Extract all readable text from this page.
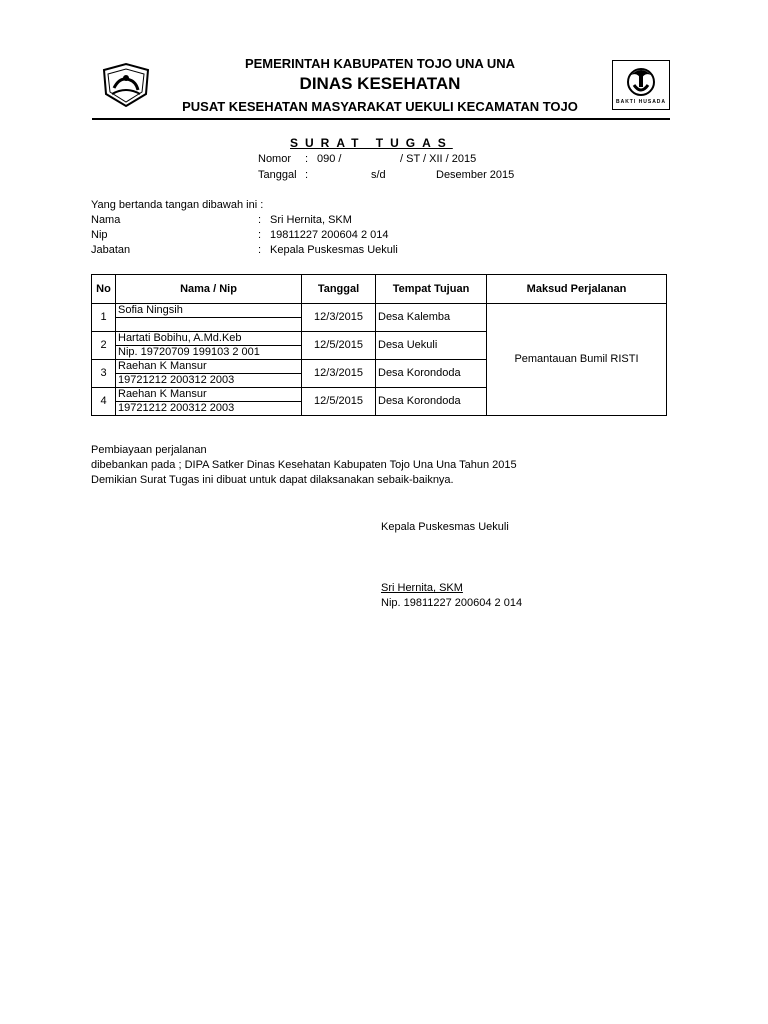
BAKTI HUSADA
PEMERINTAH KABUPATEN TOJO UNA UNA
DINAS KESEHATAN
PUSAT KESEHATAN MASYARAKAT UEKULI KECAMATAN TOJO
SURAT TUGAS
Nomor : 090 /	/ ST / XII / 2015
Tanggal :	s/d	Desember 2015
Yang bertanda tangan dibawah ini :
Nama	: Sri Hernita, SKM
Nip	: 19811227 200604 2 014
Jabatan	: Kepala Puskesmas Uekuli
No	Nama / Nip	Tanggal	Tempat Tujuan	Maksud Perjalanan
1	Sofia Ningsih	12/3/2015	Desa Kalemba	Pemantauan Bumil RISTI

2	Hartati Bobihu, A.Md.Keb	12/5/2015	Desa Uekuli	
	Nip. 19720709 199103 2 001			
3	Raehan K Mansur	12/3/2015	Desa Korondoda	
	19721212 200312 2003			
4	Raehan K Mansur	12/5/2015	Desa Korondoda	
	19721212 200312 2003			
Pembiayaan perjalanan
dibebankan pada ; DIPA Satker Dinas Kesehatan Kabupaten Tojo Una Una Tahun 2015
Demikian Surat Tugas ini dibuat untuk dapat dilaksanakan sebaik-baiknya.
Kepala Puskesmas Uekuli
Sri Hernita, SKM
Nip. 19811227 200604 2 014
